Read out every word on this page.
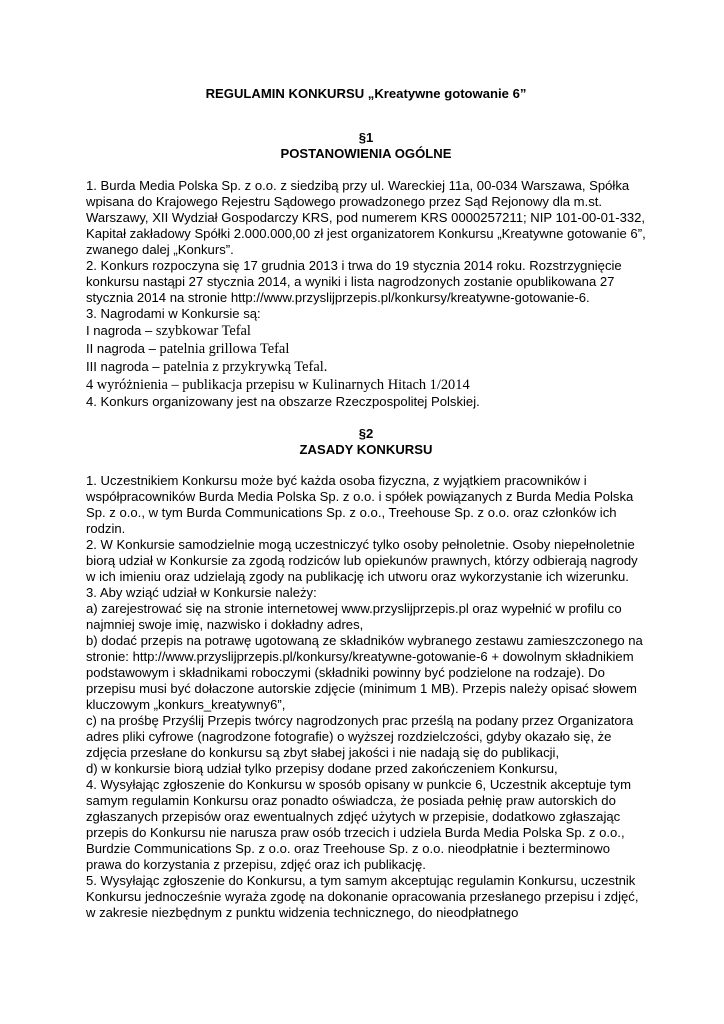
REGULAMIN KONKURSU „Kreatywne gotowanie 6”

§1

POSTANOWIENIA OGÓLNE

1. Burda Media Polska Sp. z o.o. z siedzibą przy ul. Wareckiej 11a, 00-034 Warszawa, Spółka wpisana do Krajowego Rejestru Sądowego prowadzonego przez Sąd Rejonowy dla m.st. Warszawy, XII Wydział Gospodarczy KRS, pod numerem KRS 0000257211; NIP 101-00-01-332, Kapitał zakładowy Spółki 2.000.000,00 zł jest organizatorem Konkursu „Kreatywne gotowanie 6”, zwanego dalej „Konkurs”.

2. Konkurs rozpoczyna się 17 grudnia 2013 i trwa do 19 stycznia 2014 roku. Rozstrzygnięcie konkursu nastąpi 27 stycznia 2014, a wyniki i lista nagrodzonych zostanie opublikowana 27 stycznia 2014 na stronie http://www.przyslijprzepis.pl/konkursy/kreatywne-gotowanie-6.

3. Nagrodami w Konkursie są:

I nagroda – szybkowar Tefal

II nagroda – patelnia grillowa Tefal

III nagroda – patelnia z przykrywką Tefal.

4 wyróżnienia – publikacja przepisu w Kulinarnych Hitach 1/2014

4. Konkurs organizowany jest na obszarze Rzeczpospolitej Polskiej.

§2

ZASADY KONKURSU

1. Uczestnikiem Konkursu może być każda osoba fizyczna, z wyjątkiem pracowników i współpracowników Burda Media Polska Sp. z o.o. i spółek powiązanych z Burda Media Polska Sp. z o.o., w tym Burda Communications Sp. z o.o., Treehouse Sp. z o.o. oraz członków ich rodzin.

2. W Konkursie samodzielnie mogą uczestniczyć tylko osoby pełnoletnie. Osoby niepełnoletnie biorą udział w Konkursie za zgodą rodziców lub opiekunów prawnych, którzy odbierają nagrody w ich imieniu oraz udzielają zgody na publikację ich utworu oraz wykorzystanie ich wizerunku.

3. Aby wziąć udział w Konkursie należy:

a) zarejestrować się na stronie internetowej www.przyslijprzepis.pl oraz wypełnić w profilu co najmniej swoje imię, nazwisko i dokładny adres,

b) dodać przepis na potrawę ugotowaną ze składników wybranego zestawu zamieszczonego na stronie: http://www.przyslijprzepis.pl/konkursy/kreatywne-gotowanie-6 + dowolnym składnikiem podstawowym i składnikami roboczymi (składniki powinny być podzielone na rodzaje). Do przepisu musi być dołaczone autorskie zdjęcie (minimum 1 MB). Przepis należy opisać słowem kluczowym „konkurs_kreatywny6”,

c) na prośbę Przyślij Przepis twórcy nagrodzonych prac prześlą na podany przez Organizatora adres pliki cyfrowe (nagrodzone fotografie) o wyższej rozdzielczości, gdyby okazało się, że zdjęcia przesłane do konkursu są zbyt słabej jakości i nie nadają się do publikacji,

d) w konkursie biorą udział tylko przepisy dodane przed zakończeniem Konkursu,

4. Wysyłając zgłoszenie do Konkursu w sposób opisany w punkcie 6, Uczestnik akceptuje tym samym regulamin Konkursu oraz ponadto oświadcza, że posiada pełnię praw autorskich do zgłaszanych przepisów oraz ewentualnych zdjęć użytych w przepisie, dodatkowo zgłaszając przepis do Konkursu nie narusza praw osób trzecich i udziela Burda Media Polska Sp. z o.o., Burdzie Communications Sp. z o.o. oraz Treehouse Sp. z o.o. nieodpłatnie i bezterminowo prawa do korzystania z przepisu, zdjęć oraz ich publikację.

5. Wysyłając zgłoszenie do Konkursu, a tym samym akceptując regulamin Konkursu, uczestnik Konkursu jednocześnie wyraża zgodę na dokonanie opracowania przesłanego przepisu i zdjęć, w zakresie niezbędnym z punktu widzenia technicznego, do nieodpłatnego
